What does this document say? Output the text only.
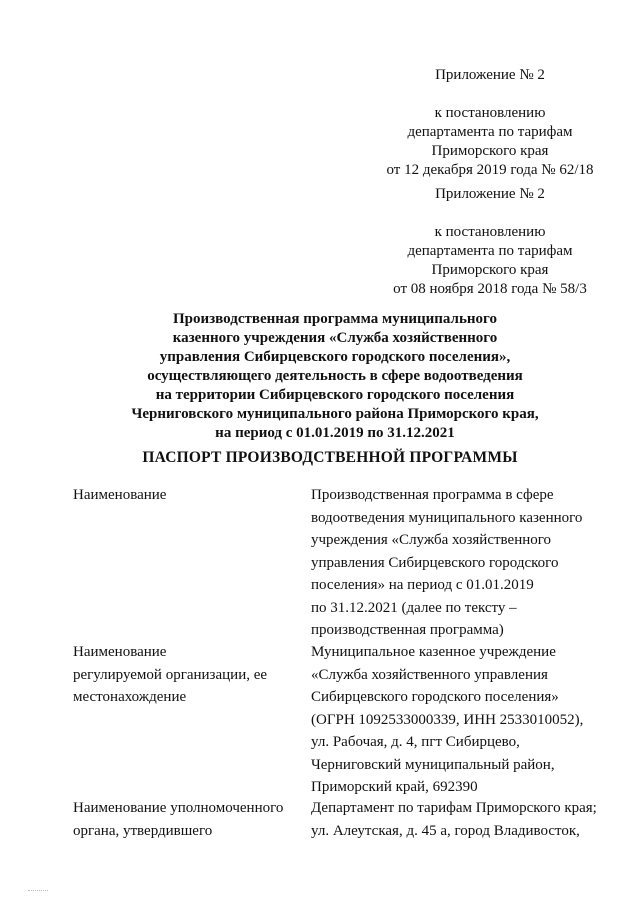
Приложение № 2
к постановлению
департамента по тарифам
Приморского края
от 12 декабря 2019 года № 62/18
Приложение № 2
к постановлению
департамента по тарифам
Приморского края
от 08 ноября 2018 года № 58/3
Производственная программа муниципального
казенного учреждения «Служба хозяйственного
управления Сибирцевского городского поселения»,
осуществляющего деятельность в сфере водоотведения
на территории Сибирцевского городского поселения
Черниговского муниципального района Приморского края,
на период с 01.01.2019 по 31.12.2021
ПАСПОРТ ПРОИЗВОДСТВЕННОЙ ПРОГРАММЫ
Наименование	Производственная программа в сфере
водоотведения муниципального казенного
учреждения «Служба хозяйственного
управления Сибирцевского городского
поселения» на период с 01.01.2019
по 31.12.2021 (далее по тексту –
производственная программа)
Наименование
регулируемой организации, ее
местонахождение
Муниципальное казенное учреждение
«Служба хозяйственного управления
Сибирцевского городского поселения»
(ОГРН 1092533000339, ИНН 2533010052),
ул. Рабочая, д. 4, пгт Сибирцево,
Черниговский муниципальный район,
Приморский край, 692390
Наименование уполномоченного
органа, утвердившего
Департамент по тарифам Приморского края;
ул. Алеутская, д. 45 а, город Владивосток,
